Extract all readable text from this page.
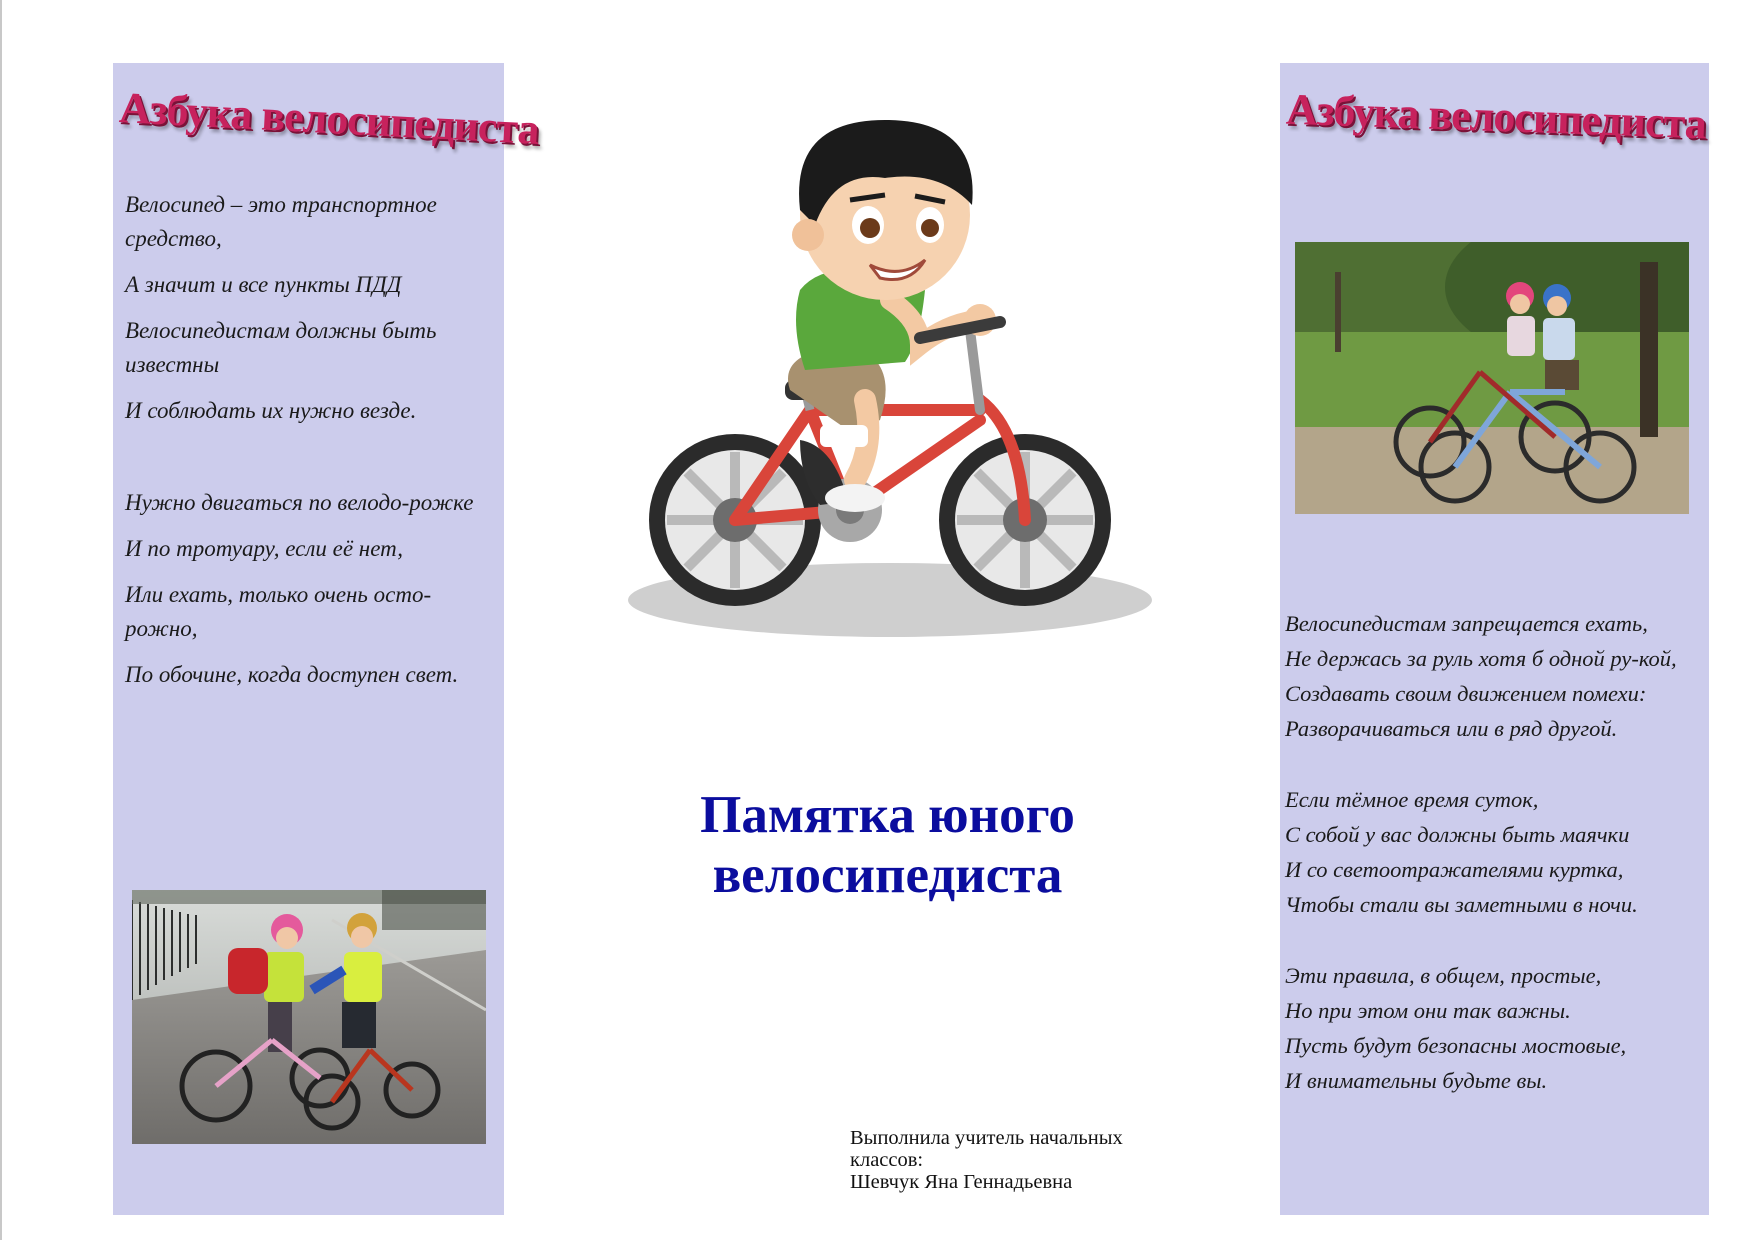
Азбука велосипедиста
Велосипед – это транспортное средство,
А значит и все пункты ПДД
Велосипедистам должны быть известны
И соблюдать их нужно везде.
Нужно двигаться по велодо-рожке
И по тротуару, если её нет,
Или ехать, только очень осто-рожно,
По обочине, когда доступен свет.
Памятка юного
велосипедиста

Выполнила учитель начальных
классов:
Шевчук Яна Геннадьевна

Азбука велосипедиста
Велосипедистам запрещается ехать,
Не держась за руль хотя б одной ру-кой,
Создавать своим движением помехи:
Разворачиваться или в ряд другой.
Если тёмное время суток,
С собой у вас должны быть маячки
И со светоотражателями куртка,
Чтобы стали вы заметными в ночи.
Эти правила, в общем, простые,
Но при этом они так важны.
Пусть будут безопасны мостовые,
И внимательны будьте вы.
